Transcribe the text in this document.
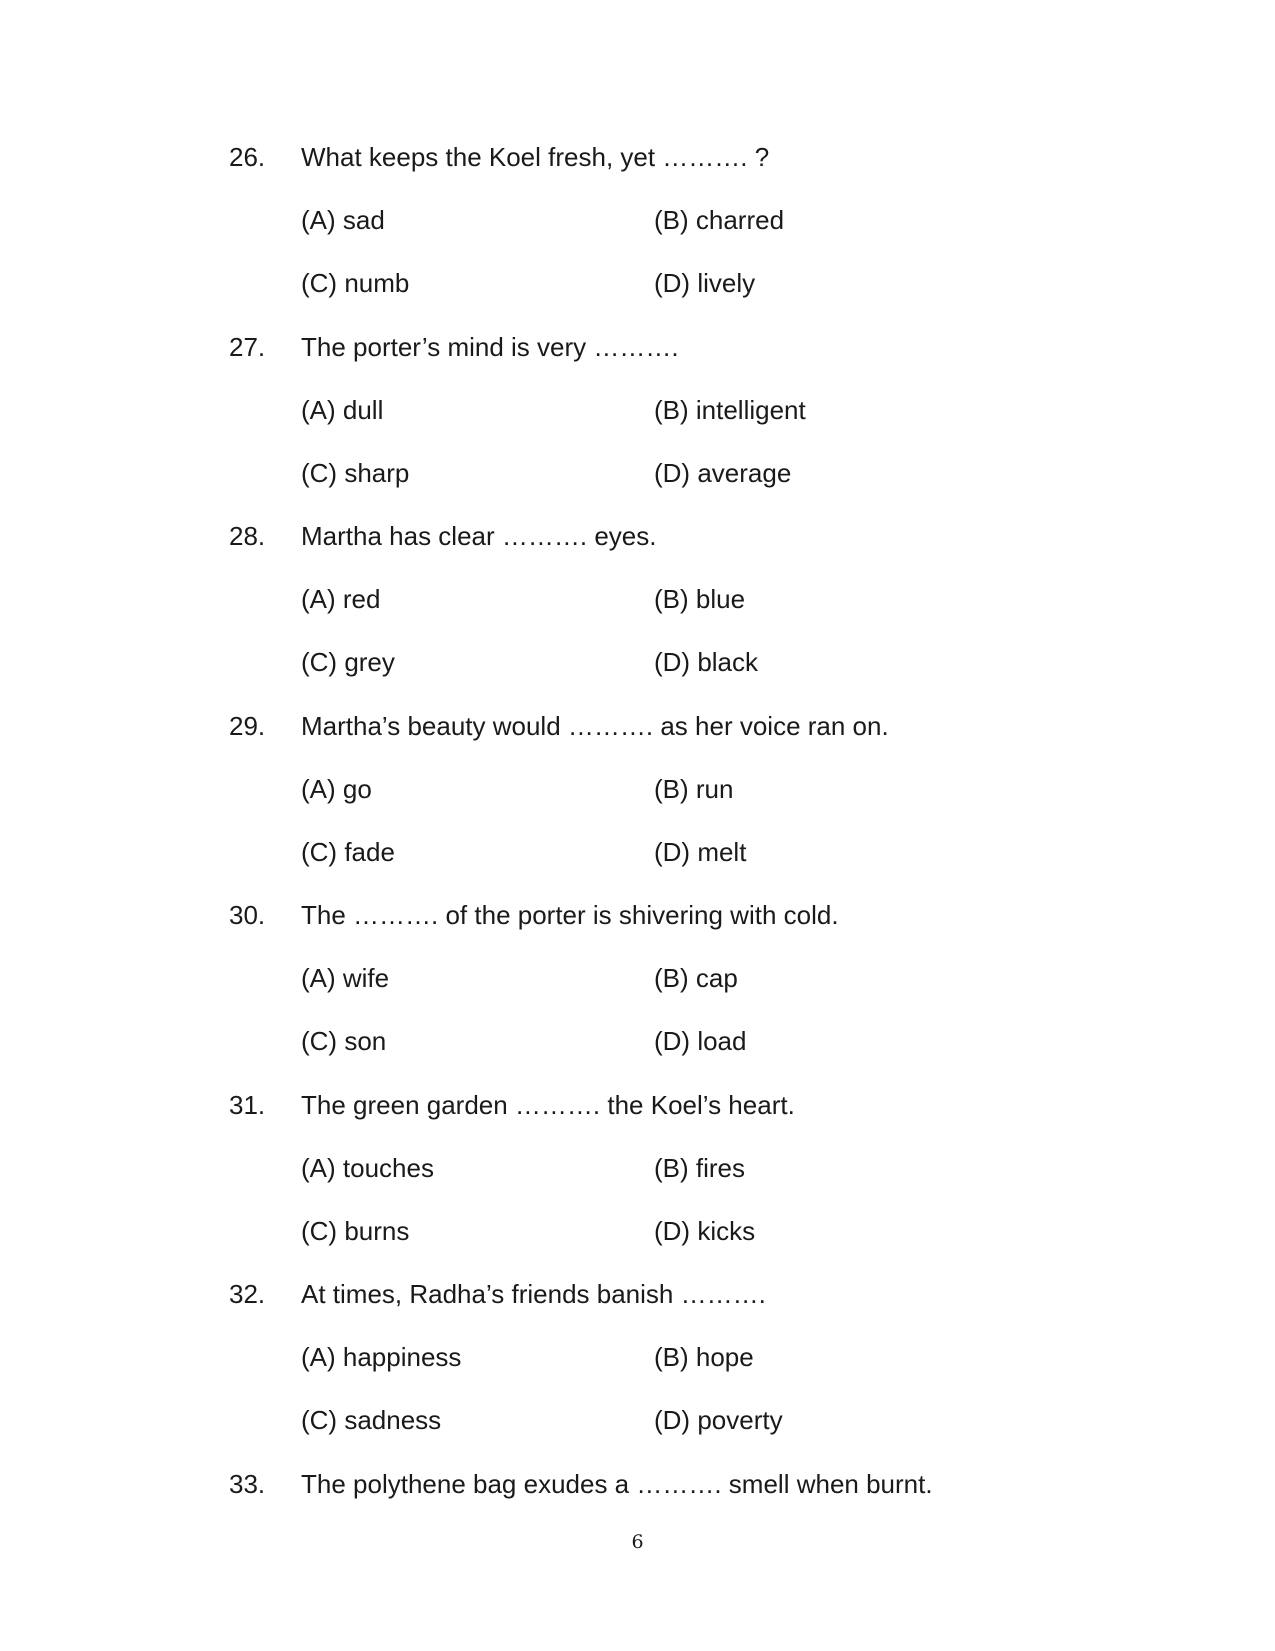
26. What keeps the Koel fresh, yet ………. ?
(A) sad	(B) charred
(C) numb	(D) lively
27. The porter’s mind is very ……….
(A) dull	(B) intelligent
(C) sharp	(D) average
28. Martha has clear ………. eyes.
(A) red	(B) blue
(C) grey	(D) black
29. Martha’s beauty would ………. as her voice ran on.
(A) go	(B) run
(C) fade	(D) melt
30. The ………. of the porter is shivering with cold.
(A) wife	(B) cap
(C) son	(D) load
31. The green garden ………. the Koel’s heart.
(A) touches	(B) fires
(C) burns	(D) kicks
32. At times, Radha’s friends banish ……….
(A) happiness	(B) hope
(C) sadness	(D) poverty
33. The polythene bag exudes a ………. smell when burnt.
6
